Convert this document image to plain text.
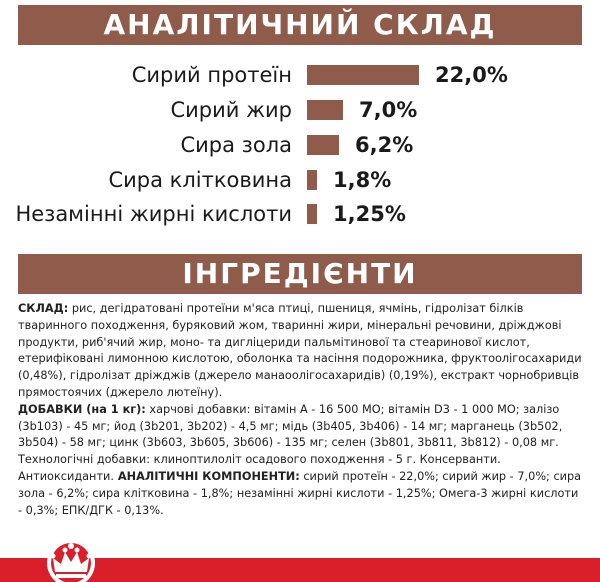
АНАЛІТИЧНИЙ СКЛАД
Сирий протеїн	22,0%
Сирий жир	7,0%
Сира зола	6,2%
Сира клітковина 1,8%
Незамінні жирні кислоти 1,25%
ІНГРЕДІЄНТИ
СКЛАД: рис, дегідратовані протеїни м'яса птиці, пшениця, ячмінь, гідролізат білків тваринного походження, буряковий жом, тваринні жири, мінеральні речовини, дріжджові продукти, риб'ячий жир, моно- та дигліцериди пальмітинової та стеаринової кислот, етерифіковані лимонною кислотою, оболонка та насіння подорожника, фруктоолігосахариди (0,48%), гідролізат дріжджів (джерело манаоолігосахаридів) (0,19%), екстракт чорнобривців прямостоячих (джерело лютеїну).
ДОБАВКИ (на 1 кг): харчові добавки: вітамін А - 16 500 МО; вітамін D3 - 1 000 МО; залізо (3b103) - 45 мг; йод (3b201, 3b202) - 4,5 мг; мідь (3b405, 3b406) - 14 мг; марганець (3b502, 3b504) - 58 мг; цинк (3b603, 3b605, 3b606) - 135 мг; селен (3b801, 3b811, 3b812) - 0,08 мг. Технологічні добавки: клиноптилоліт осадового походження - 5 г. Консерванти. Антиоксиданти. АНАЛІТИЧНІ КОМПОНЕНТИ: сирий протеїн - 22,0%; сирий жир - 7,0%; сира зола - 6,2%; сира клітковина - 1,8%; незамінні жирні кислоти - 1,25%; Омега-3 жирні кислоти - 0,3%; ЕПК/ДГК - 0,13%.
